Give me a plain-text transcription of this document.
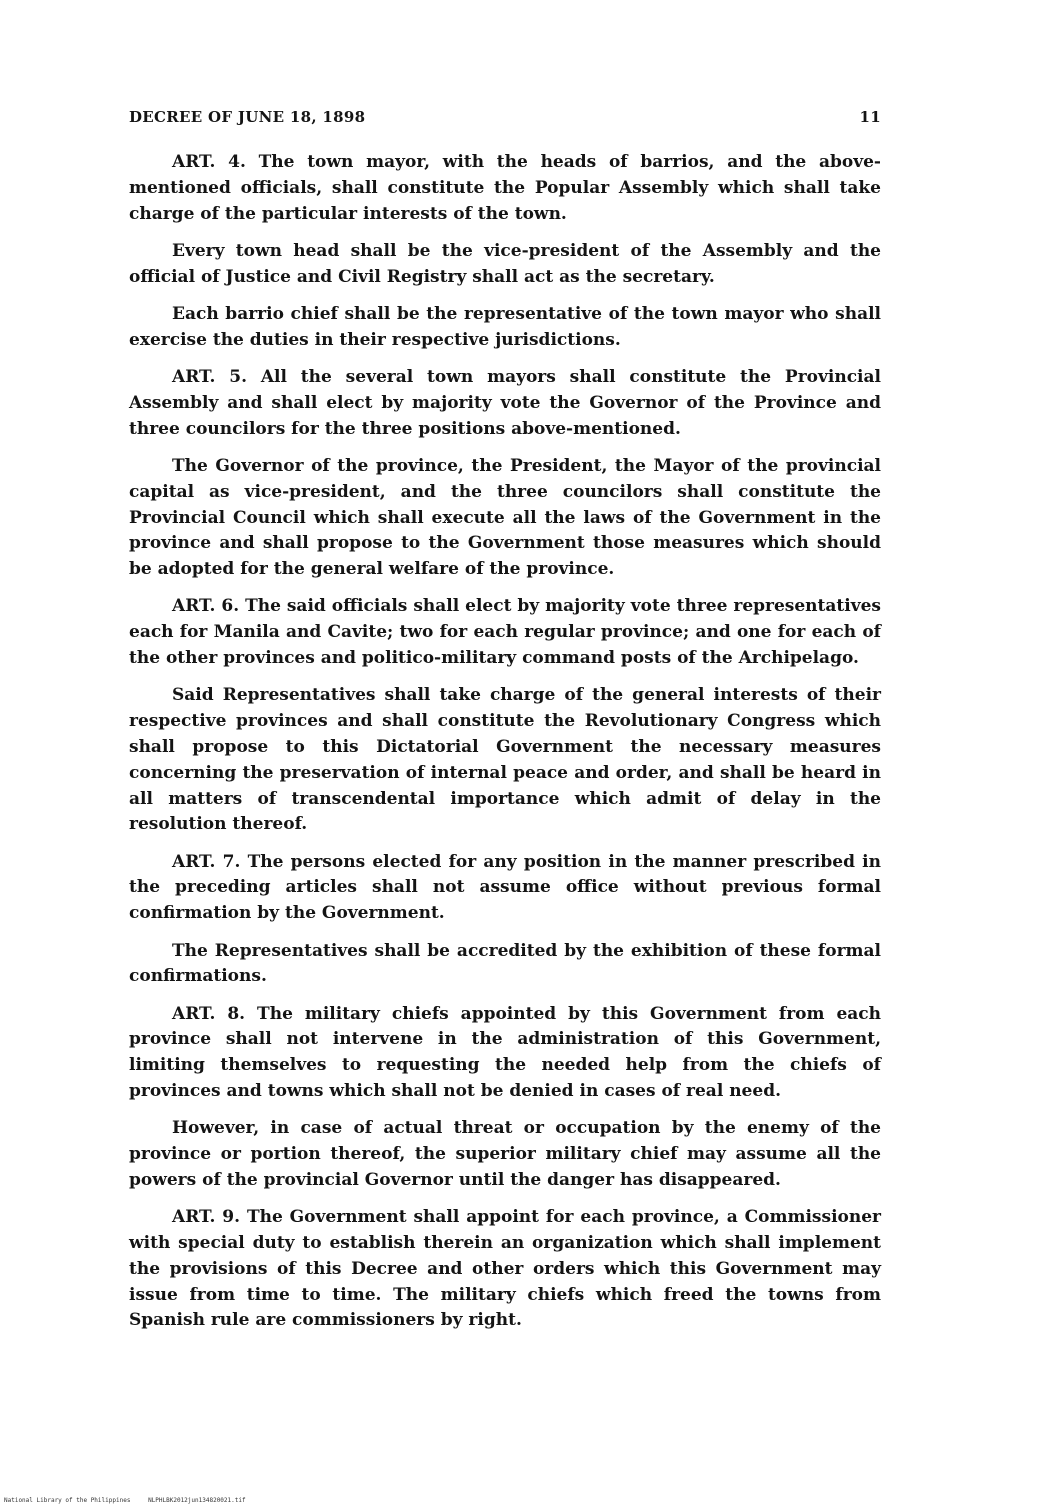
DECREE OF JUNE 18, 1898	11

ART. 4. The town mayor, with the heads of barrios, and the above-mentioned officials, shall constitute the Popular Assembly which shall take charge of the particular interests of the town.

Every town head shall be the vice-president of the Assembly and the official of Justice and Civil Registry shall act as the secretary.

Each barrio chief shall be the representative of the town mayor who shall exercise the duties in their respective jurisdictions.

ART. 5. All the several town mayors shall constitute the Provincial Assembly and shall elect by majority vote the Governor of the Province and three councilors for the three positions above-mentioned.

The Governor of the province, the President, the Mayor of the provincial capital as vice-president, and the three councilors shall constitute the Provincial Council which shall execute all the laws of the Government in the province and shall propose to the Government those measures which should be adopted for the general welfare of the province.

ART. 6. The said officials shall elect by majority vote three representatives each for Manila and Cavite; two for each regular province; and one for each of the other provinces and politico-military command posts of the Archipelago.

Said Representatives shall take charge of the general interests of their respective provinces and shall constitute the Revolutionary Congress which shall propose to this Dictatorial Government the necessary measures concerning the preservation of internal peace and order, and shall be heard in all matters of transcendental importance which admit of delay in the resolution thereof.

ART. 7. The persons elected for any position in the manner prescribed in the preceding articles shall not assume office without previous formal confirmation by the Government.

The Representatives shall be accredited by the exhibition of these formal confirmations.

ART. 8. The military chiefs appointed by this Government from each province shall not intervene in the administration of this Government, limiting themselves to requesting the needed help from the chiefs of provinces and towns which shall not be denied in cases of real need.

However, in case of actual threat or occupation by the enemy of the province or portion thereof, the superior military chief may assume all the powers of the provincial Governor until the danger has disappeared.

ART. 9. The Government shall appoint for each province, a Commissioner with special duty to establish therein an organization which shall implement the provisions of this Decree and other orders which this Government may issue from time to time. The military chiefs which freed the towns from Spanish rule are commissioners by right.

National Library of the Philippines	NLPHLBK2012jun134820021.tif
